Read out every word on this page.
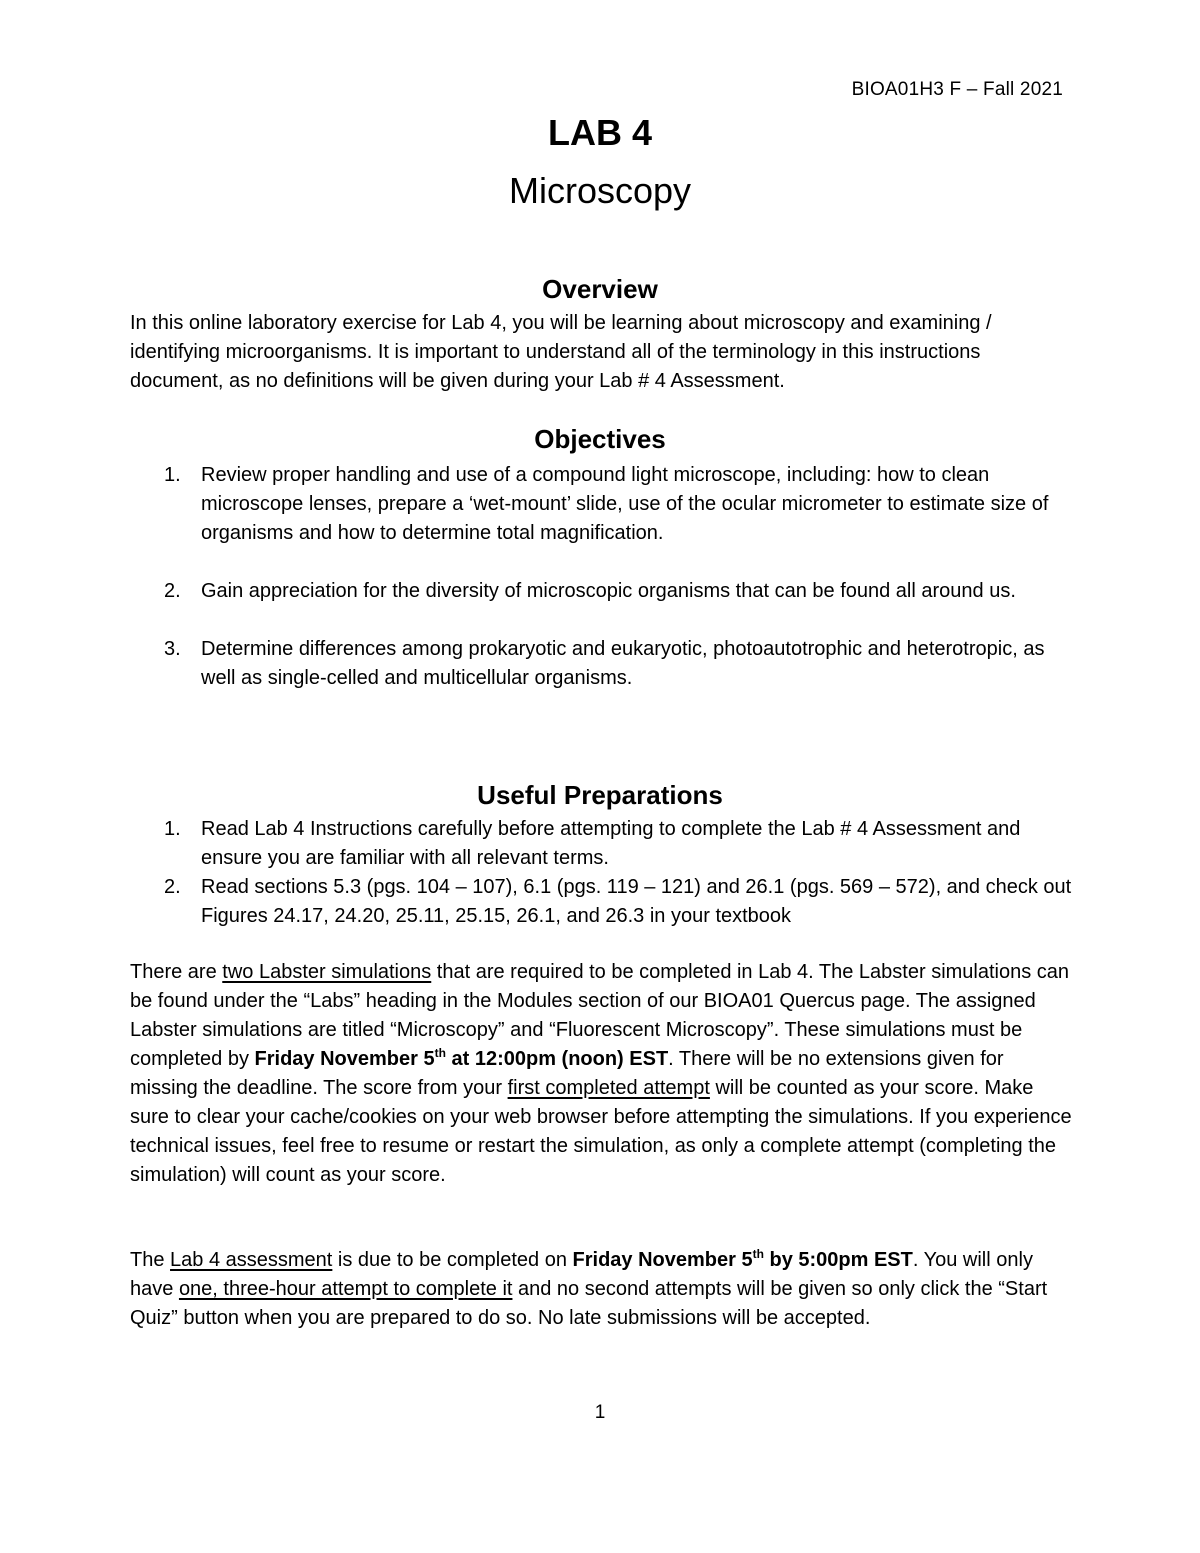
BIOA01H3 F – Fall 2021
LAB 4
Microscopy
Overview
In this online laboratory exercise for Lab 4, you will be learning about microscopy and examining / identifying microorganisms. It is important to understand all of the terminology in this instructions document, as no definitions will be given during your Lab # 4 Assessment.
Objectives
1. Review proper handling and use of a compound light microscope, including: how to clean microscope lenses, prepare a ‘wet-mount’ slide, use of the ocular micrometer to estimate size of organisms and how to determine total magnification.
2. Gain appreciation for the diversity of microscopic organisms that can be found all around us.
3. Determine differences among prokaryotic and eukaryotic, photoautotrophic and heterotropic, as well as single-celled and multicellular organisms.
Useful Preparations
1. Read Lab 4 Instructions carefully before attempting to complete the Lab # 4 Assessment and ensure you are familiar with all relevant terms.
2. Read sections 5.3 (pgs. 104 – 107), 6.1 (pgs. 119 – 121) and 26.1 (pgs. 569 – 572), and check out Figures 24.17, 24.20, 25.11, 25.15, 26.1, and 26.3 in your textbook
There are two Labster simulations that are required to be completed in Lab 4. The Labster simulations can be found under the “Labs” heading in the Modules section of our BIOA01 Quercus page. The assigned Labster simulations are titled “Microscopy” and “Fluorescent Microscopy”. These simulations must be completed by Friday November 5th at 12:00pm (noon) EST. There will be no extensions given for missing the deadline. The score from your first completed attempt will be counted as your score. Make sure to clear your cache/cookies on your web browser before attempting the simulations. If you experience technical issues, feel free to resume or restart the simulation, as only a complete attempt (completing the simulation) will count as your score.
The Lab 4 assessment is due to be completed on Friday November 5th by 5:00pm EST. You will only have one, three-hour attempt to complete it and no second attempts will be given so only click the “Start Quiz” button when you are prepared to do so. No late submissions will be accepted.
1
